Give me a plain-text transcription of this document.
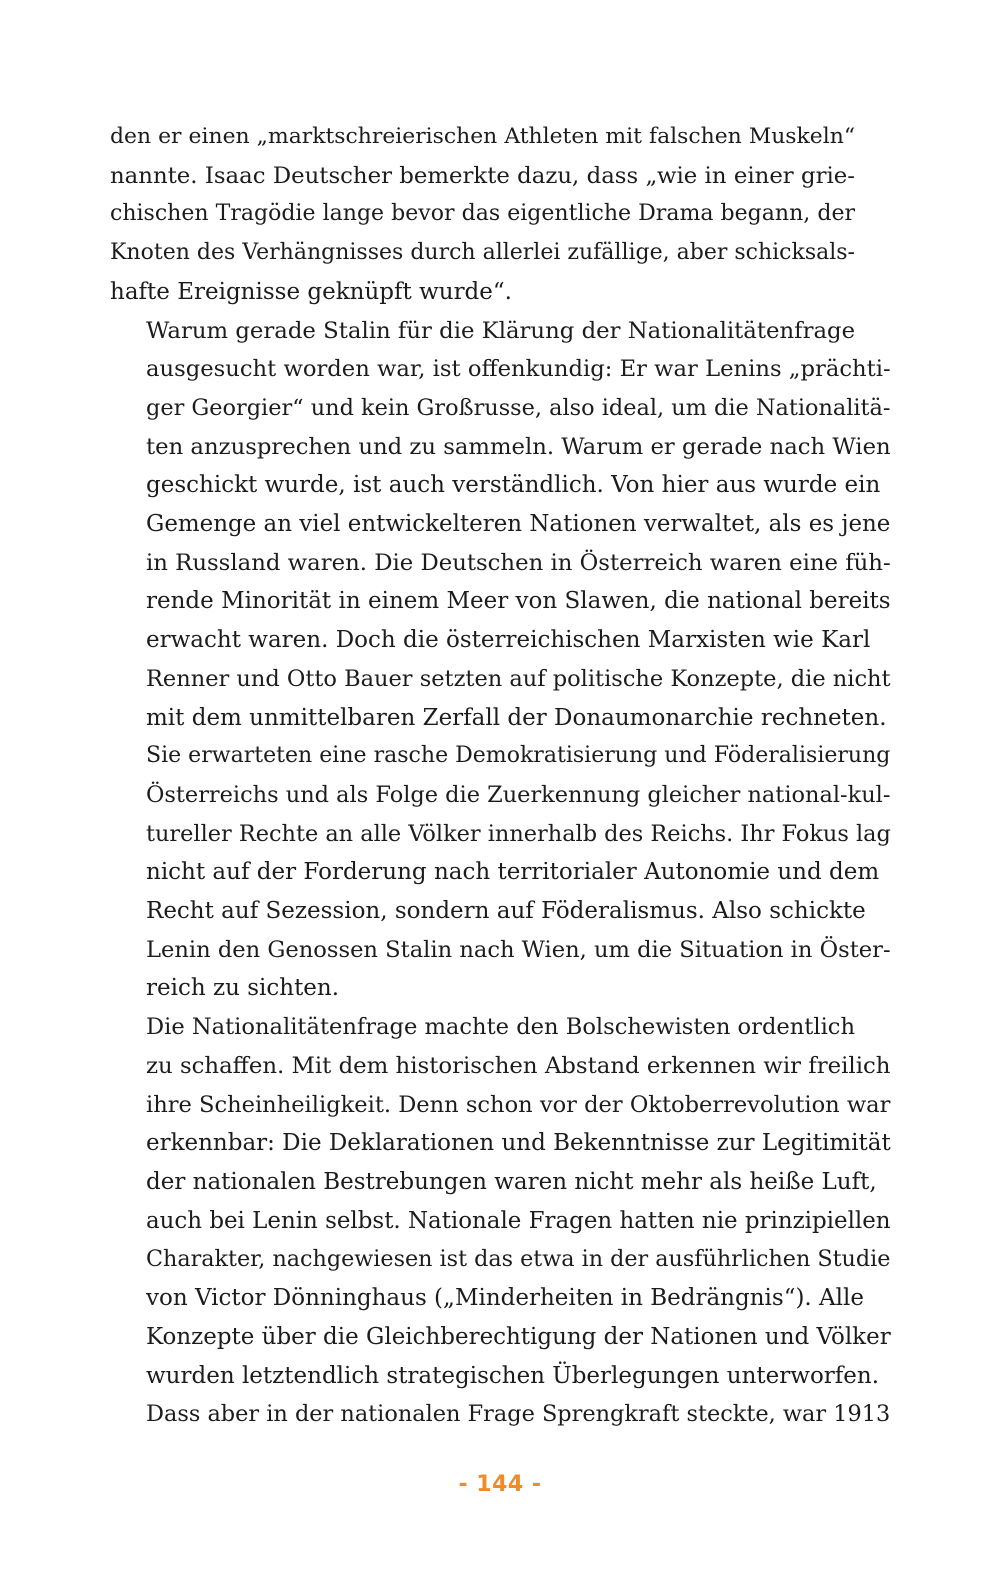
den er einen „marktschreierischen Athleten mit falschen Muskeln“
nannte. Isaac Deutscher bemerkte dazu, dass „wie in einer grie-
chischen Tragödie lange bevor das eigentliche Drama begann, der
Knoten des Verhängnisses durch allerlei zufällige, aber schicksals-
hafte Ereignisse geknüpft wurde“.

Warum gerade Stalin für die Klärung der Nationalitätenfrage
ausgesucht worden war, ist offenkundig: Er war Lenins „prächti-
ger Georgier“ und kein Großrusse, also ideal, um die Nationalitä-
ten anzusprechen und zu sammeln. Warum er gerade nach Wien
geschickt wurde, ist auch verständlich. Von hier aus wurde ein
Gemenge an viel entwickelteren Nationen verwaltet, als es jene
in Russland waren. Die Deutschen in Österreich waren eine füh-
rende Minorität in einem Meer von Slawen, die national bereits
erwacht waren. Doch die österreichischen Marxisten wie Karl
Renner und Otto Bauer setzten auf politische Konzepte, die nicht
mit dem unmittelbaren Zerfall der Donaumonarchie rechneten.
Sie erwarteten eine rasche Demokratisierung und Föderalisierung
Österreichs und als Folge die Zuerkennung gleicher national-kul-
tureller Rechte an alle Völker innerhalb des Reichs. Ihr Fokus lag
nicht auf der Forderung nach territorialer Autonomie und dem
Recht auf Sezession, sondern auf Föderalismus. Also schickte
Lenin den Genossen Stalin nach Wien, um die Situation in Öster-
reich zu sichten.

Die Nationalitätenfrage machte den Bolschewisten ordentlich
zu schaffen. Mit dem historischen Abstand erkennen wir freilich
ihre Scheinheiligkeit. Denn schon vor der Oktoberrevolution war
erkennbar: Die Deklarationen und Bekenntnisse zur Legitimität
der nationalen Bestrebungen waren nicht mehr als heiße Luft,
auch bei Lenin selbst. Nationale Fragen hatten nie prinzipiellen
Charakter, nachgewiesen ist das etwa in der ausführlichen Studie
von Victor Dönninghaus („Minderheiten in Bedrängnis“). Alle
Konzepte über die Gleichberechtigung der Nationen und Völker
wurden letztendlich strategischen Überlegungen unterworfen.
Dass aber in der nationalen Frage Sprengkraft steckte, war 1913

- 144 -
